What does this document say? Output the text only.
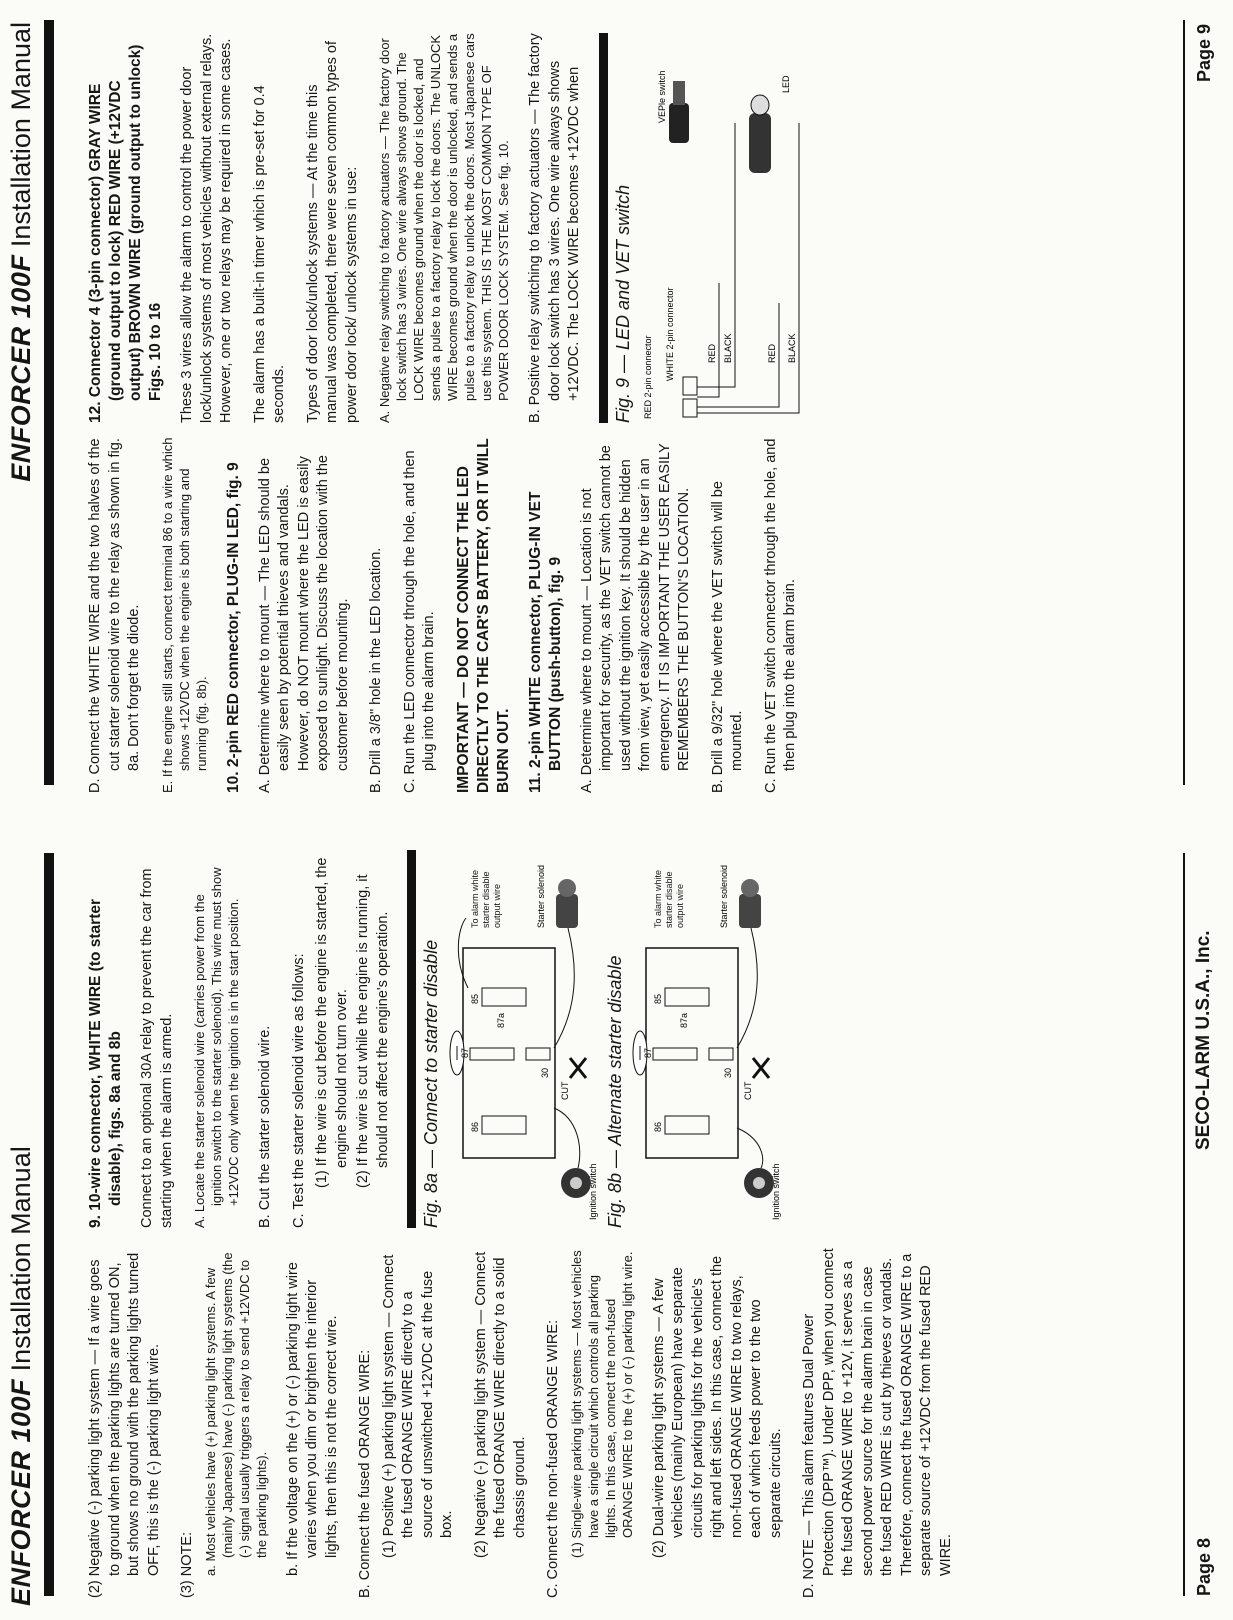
ENFORCER 100F Installation Manual

(2) Negative (-) parking light system — If a wire goes to ground when the parking lights are turned ON, but shows no ground with the parking lights turned OFF, this is the (-) parking light wire. (3) NOTE: a. Most vehicles have (+) parking light systems. A few (mainly Japanese) have (-) parking light systems (the (-) signal usually triggers a relay to send +12VDC to the parking lights). b. If the voltage on the (+) or (-) parking light wire varies when you dim or brighten the interior lights, then this is not the correct wire. B. Connect the fused ORANGE WIRE: (1) Positive (+) parking light system — Connect the fused ORANGE WIRE directly to a source of unswitched +12VDC at the fuse box. (2) Negative (-) parking light system — Connect the fused ORANGE WIRE directly to a solid chassis ground. C. Connect the non-fused ORANGE WIRE: (1) Single-wire parking light systems — Most vehicles have a single circuit which controls all parking lights. In this case, connect the non-fused ORANGE WIRE to the (+) or (-) parking light wire. (2) Dual-wire parking light systems — A few vehicles (mainly European) have separate circuits for parking lights for the vehicle's right and left sides. In this case, connect the non-fused ORANGE WIRE to two relays, each of which feeds power to the two separate circuits. D. NOTE — This alarm features Dual Power Protection (DPP™). Under DPP, when you connect the fused ORANGE WIRE to +12V, it serves as a second power source for the alarm brain in case the fused RED WIRE is cut by thieves or vandals. Therefore, connect the fused ORANGE WIRE to a separate source of +12VDC from the fused RED WIRE.

9. 10-wire connector, WHITE WIRE (to starter disable), figs. 8a and 8b Connect to an optional 30A relay to prevent the car from starting when the alarm is armed. A. Locate the starter solenoid wire (carries power from the ignition switch to the starter solenoid). This wire must show +12VDC only when the ignition is in the start position. B. Cut the starter solenoid wire. C. Test the starter solenoid wire as follows: (1) If the wire is cut before the engine is started, the engine should not turn over. (2) If the wire is cut while the engine is running, it should not affect the engine's operation. Fig. 8a — Connect to starter disable	86
85
87
87a
30
CUT
Ignition switch
To alarm white starter disable output wire	Starter solenoid
Fig. 8b — Alternate starter disable	86
85
87
87a
30
CUT
Ignition switch
To alarm white starter disable output wire	Starter solenoid
Page 8
SECO-LARM U.S.A., Inc.
ENFORCER 100F Installation Manual

D. Connect the WHITE WIRE and the two halves of the cut starter solenoid wire to the relay as shown in fig. 8a. Don't forget the diode. E. If the engine still starts, connect terminal 86 to a wire which shows +12VDC when the engine is both starting and running (fig. 8b). 10. 2-pin RED connector, PLUG-IN LED, fig. 9 A. Determine where to mount — The LED should be easily seen by potential thieves and vandals. However, do NOT mount where the LED is easily exposed to sunlight. Discuss the location with the customer before mounting. B. Drill a 3/8" hole in the LED location. C. Run the LED connector through the hole, and then plug into the alarm brain. IMPORTANT — DO NOT CONNECT THE LED DIRECTLY TO THE CAR'S BATTERY, OR IT WILL BURN OUT. 11. 2-pin WHITE connector, PLUG-IN VET BUTTON (push-button), fig. 9 A. Determine where to mount — Location is not important for security, as the VET switch cannot be used without the ignition key. It should be hidden from view, yet easily accessible by the user in an emergency. IT IS IMPORTANT THE USER EASILY REMEMBERS THE BUTTON'S LOCATION. B. Drill a 9/32" hole where the VET switch will be mounted. C. Run the VET switch connector through the hole, and then plug into the alarm brain.

12. Connector 4 (3-pin connector) GRAY WIRE (ground output to lock) RED WIRE (+12VDC output) BROWN WIRE (ground output to unlock) Figs. 10 to 16 These 3 wires allow the alarm to control the power door lock/unlock systems of most vehicles without external relays. However, one or two relays may be required in some cases. The alarm has a built-in timer which is pre-set for 0.4 seconds. Types of door lock/unlock systems — At the time this manual was completed, there were seven common types of power door lock/ unlock systems in use: A. Negative relay switching to factory actuators — The factory door lock switch has 3 wires. One wire always shows ground. The LOCK WIRE becomes ground when the door is locked, and sends a pulse to a factory relay to lock the doors. The UNLOCK WIRE becomes ground when the door is unlocked, and sends a pulse to a factory relay to unlock the doors. Most Japanese cars use this system. THIS IS THE MOST COMMON TYPE OF POWER DOOR LOCK SYSTEM. See fig. 10. B. Positive relay switching to factory actuators — The factory door lock switch has 3 wires. One wire always shows +12VDC. The LOCK WIRE becomes +12VDC when Fig. 9 — LED and VET switch RED 2-pin connector WHITE 2-pin connector	RED BLACK	RED BLACK
VEPle switch	LED
Page 9
